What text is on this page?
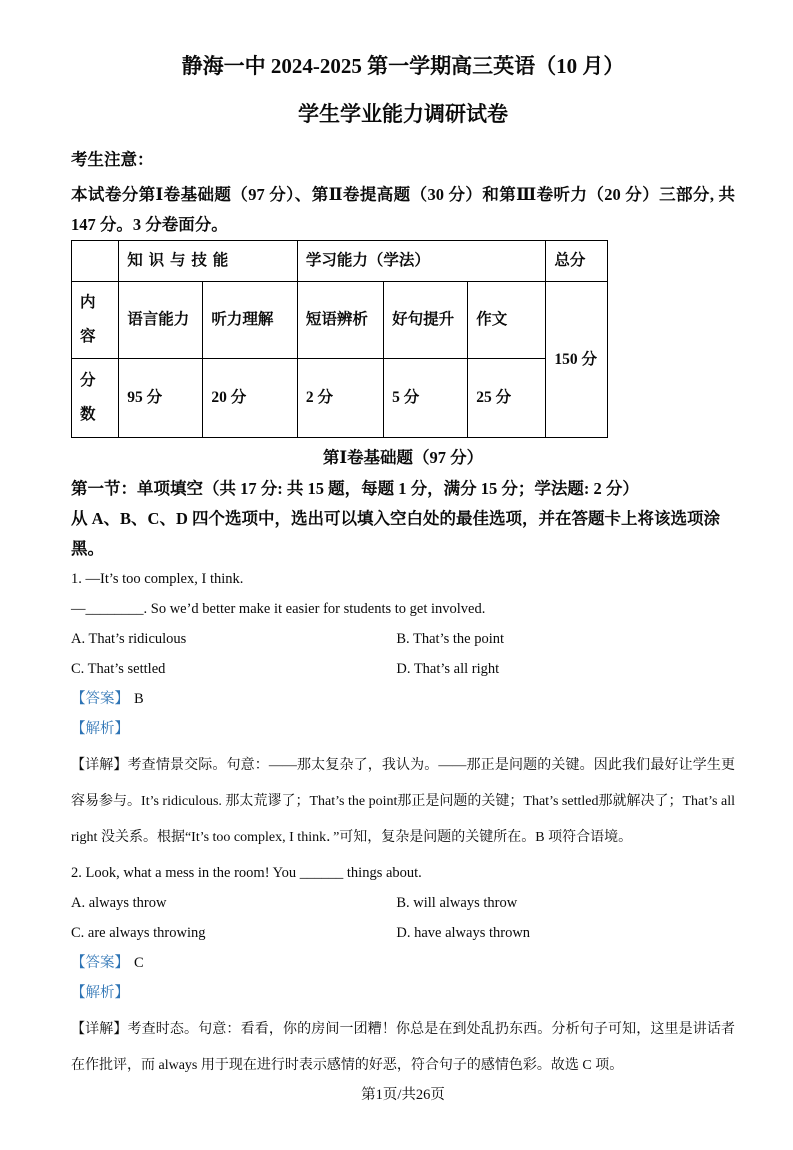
静海一中 2024-2025 第一学期高三英语（10 月）
学生学业能力调研试卷
考生注意：
本试卷分第Ⅰ卷基础题（97 分）、第Ⅱ卷提高题（30 分）和第Ⅲ卷听力（20 分）三部分, 共 147 分。3 分卷面分。
	知 识 与 技 能		学习能力（学法）			总分
内容	语言能力	听力理解	短语辨析	好句提升	作文	150 分
分数	95 分	20 分	2 分	5 分	25 分	
第Ⅰ卷基础题（97 分）
第一节：单项填空（共 17 分: 共 15 题，每题 1 分，满分 15 分；学法题: 2 分）
从 A、B、C、D 四个选项中，选出可以填入空白处的最佳选项，并在答题卡上将该选项涂黑。
1. —It’s too complex, I think.
—________. So we’d better make it easier for students to get involved.
A. That’s ridiculous	B. That’s the point
C. That’s settled	D. That’s all right
【答案】 B
【解析】
【详解】考查情景交际。句意：——那太复杂了，我认为。——那正是问题的关键。因此我们最好让学生更容易参与。It’s ridiculous. 那太荒谬了；That’s the point那正是问题的关键；That’s settled那就解决了；That’s all right 没关系。根据“It’s too complex, I think．”可知，复杂是问题的关键所在。B 项符合语境。
2. Look, what a mess in the room! You ______ things about.
A. always throw	B. will always throw
C. are always throwing	D. have always thrown
【答案】 C
【解析】
【详解】考查时态。句意：看看，你的房间一团糟！你总是在到处乱扔东西。分析句子可知，这里是讲话者在作批评，而 always 用于现在进行时表示感情的好恶，符合句子的感情色彩。故选 C 项。
第1页/共26页
